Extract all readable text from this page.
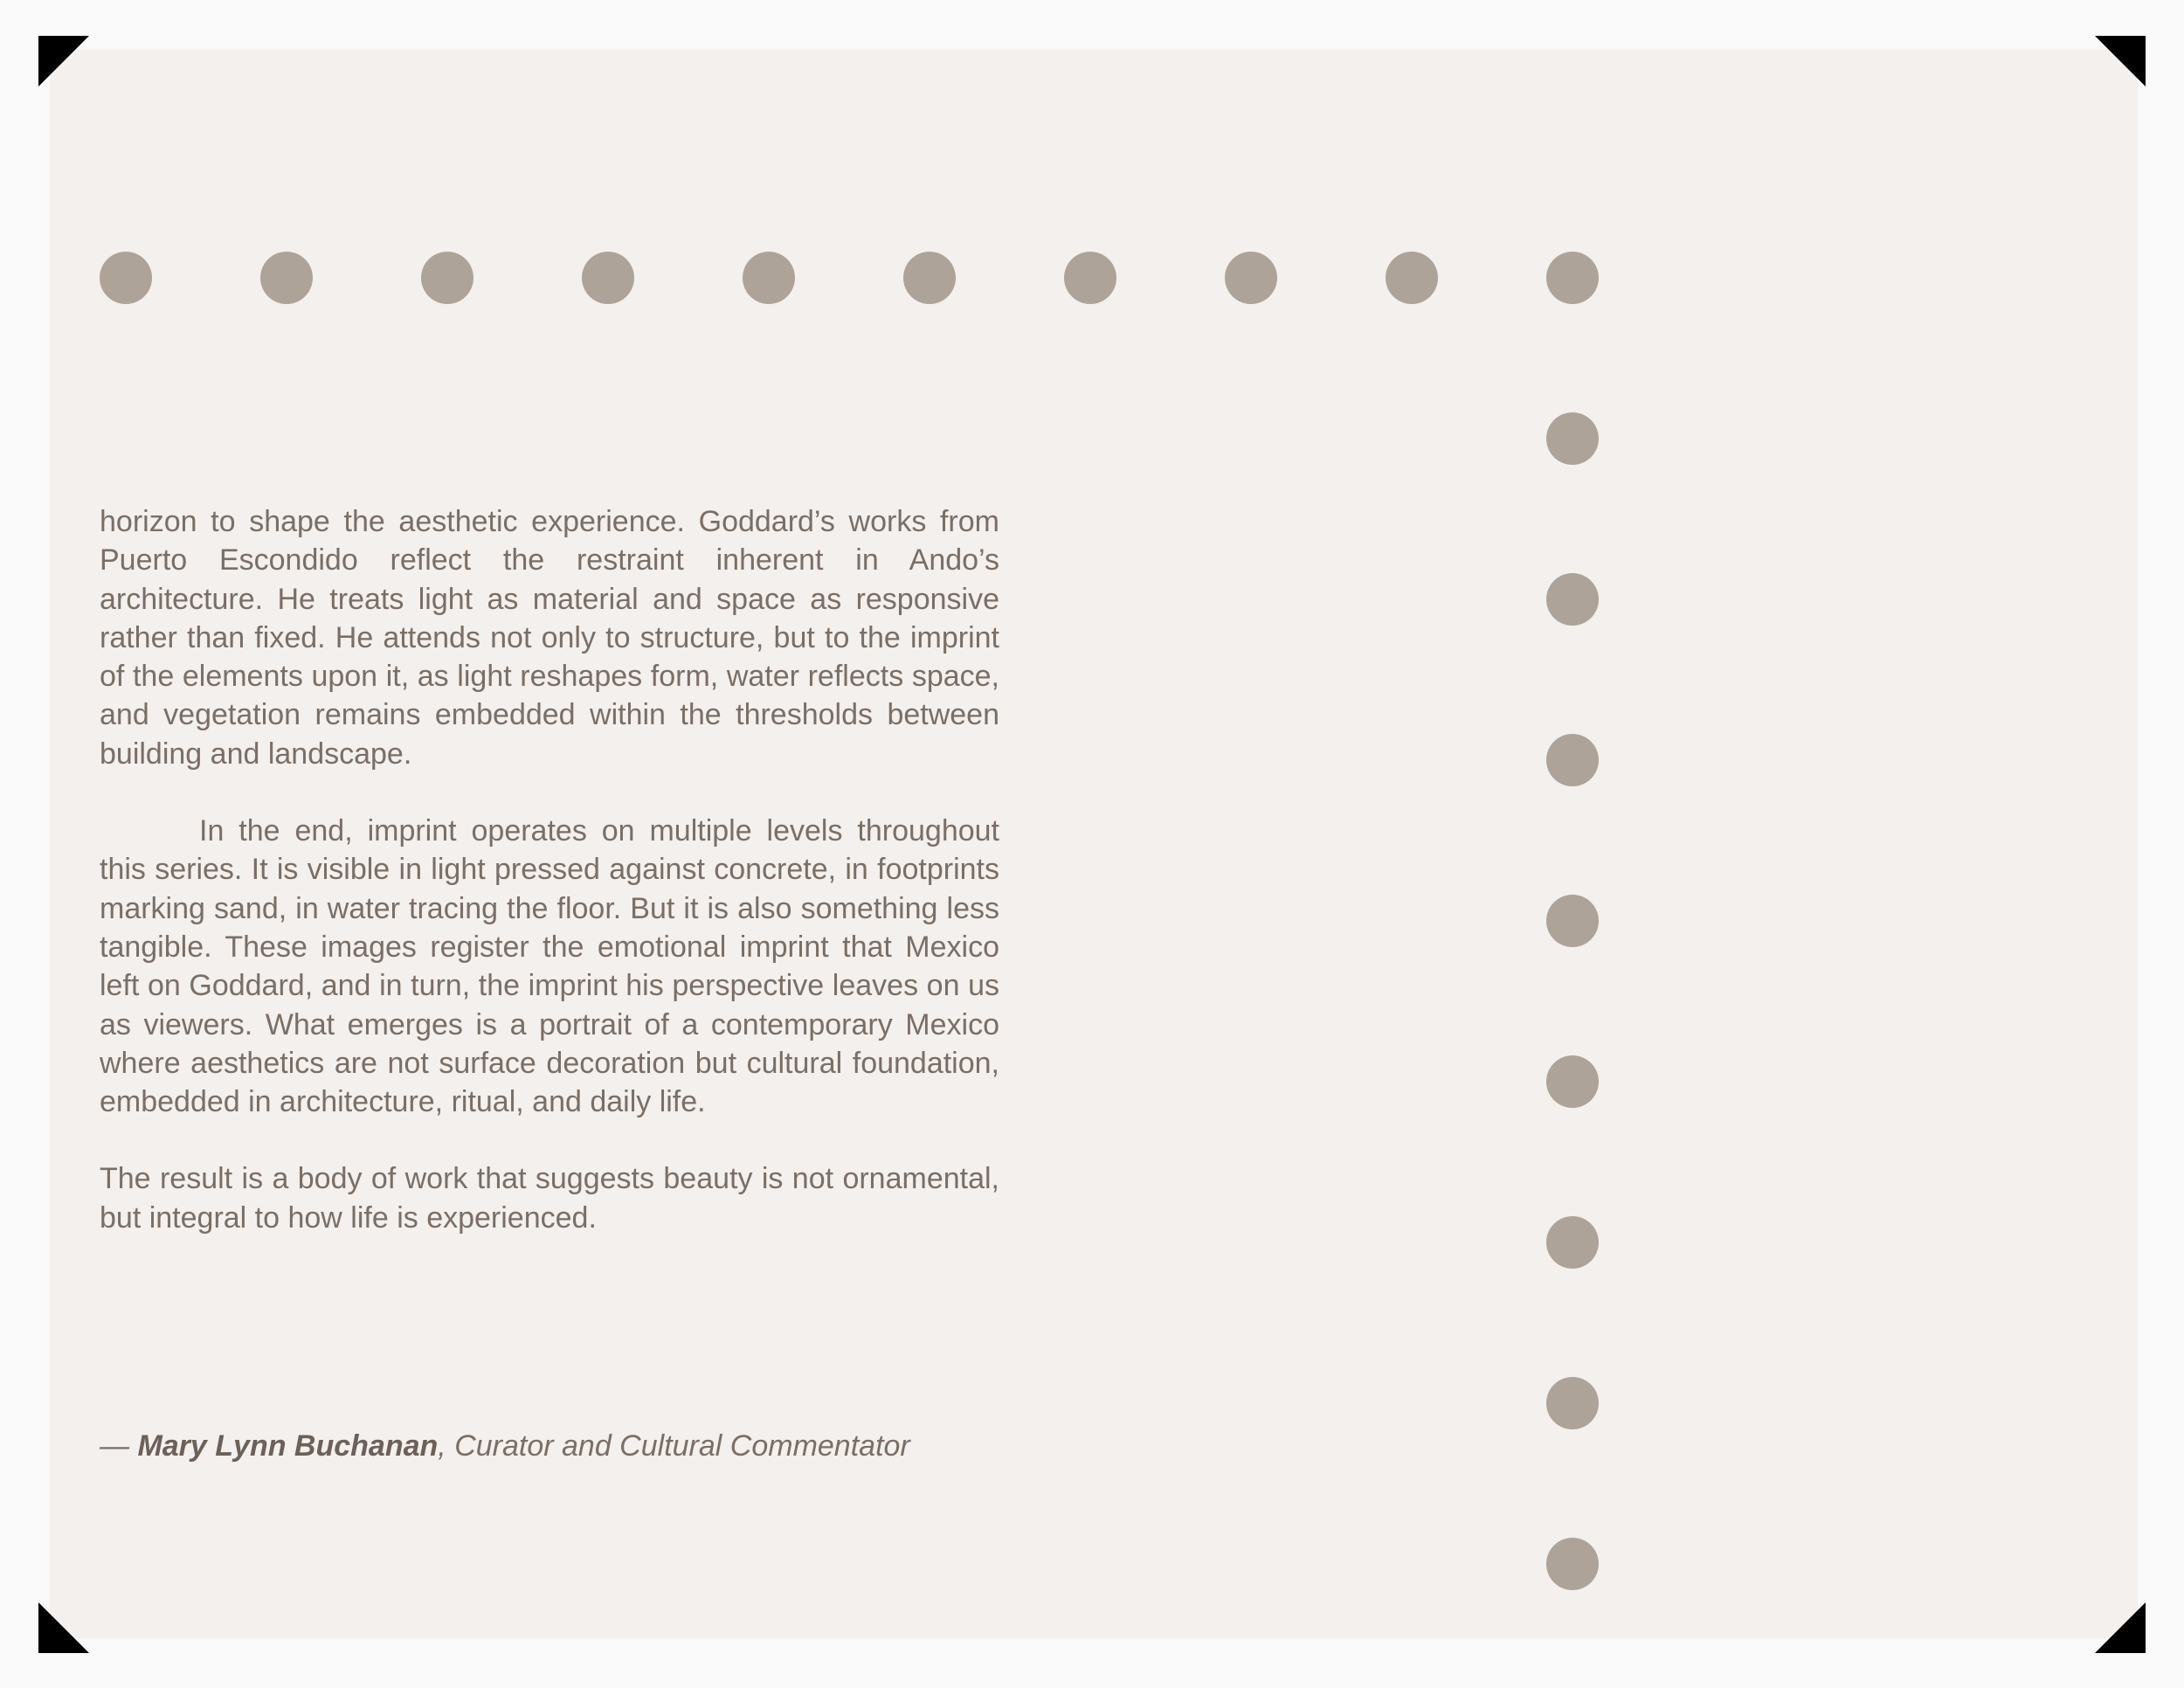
horizon to shape the aesthetic experience. Goddard’s works from Puerto Escondido reflect the restraint inherent in Ando’s architecture. He treats light as material and space as responsive rather than fixed. He attends not only to structure, but to the imprint of the elements upon it, as light reshapes form, water reflects space, and vegetation remains embedded within the thresholds between building and landscape.

In the end, imprint operates on multiple levels throughout this series. It is visible in light pressed against concrete, in footprints marking sand, in water tracing the floor. But it is also something less tangible. These images register the emotional imprint that Mexico left on Goddard, and in turn, the imprint his perspective leaves on us as viewers. What emerges is a portrait of a contemporary Mexico where aesthetics are not surface decoration but cultural foundation, embedded in architecture, ritual, and daily life.

The result is a body of work that suggests beauty is not ornamental, but integral to how life is experienced.

— Mary Lynn Buchanan, Curator and Cultural Commentator
